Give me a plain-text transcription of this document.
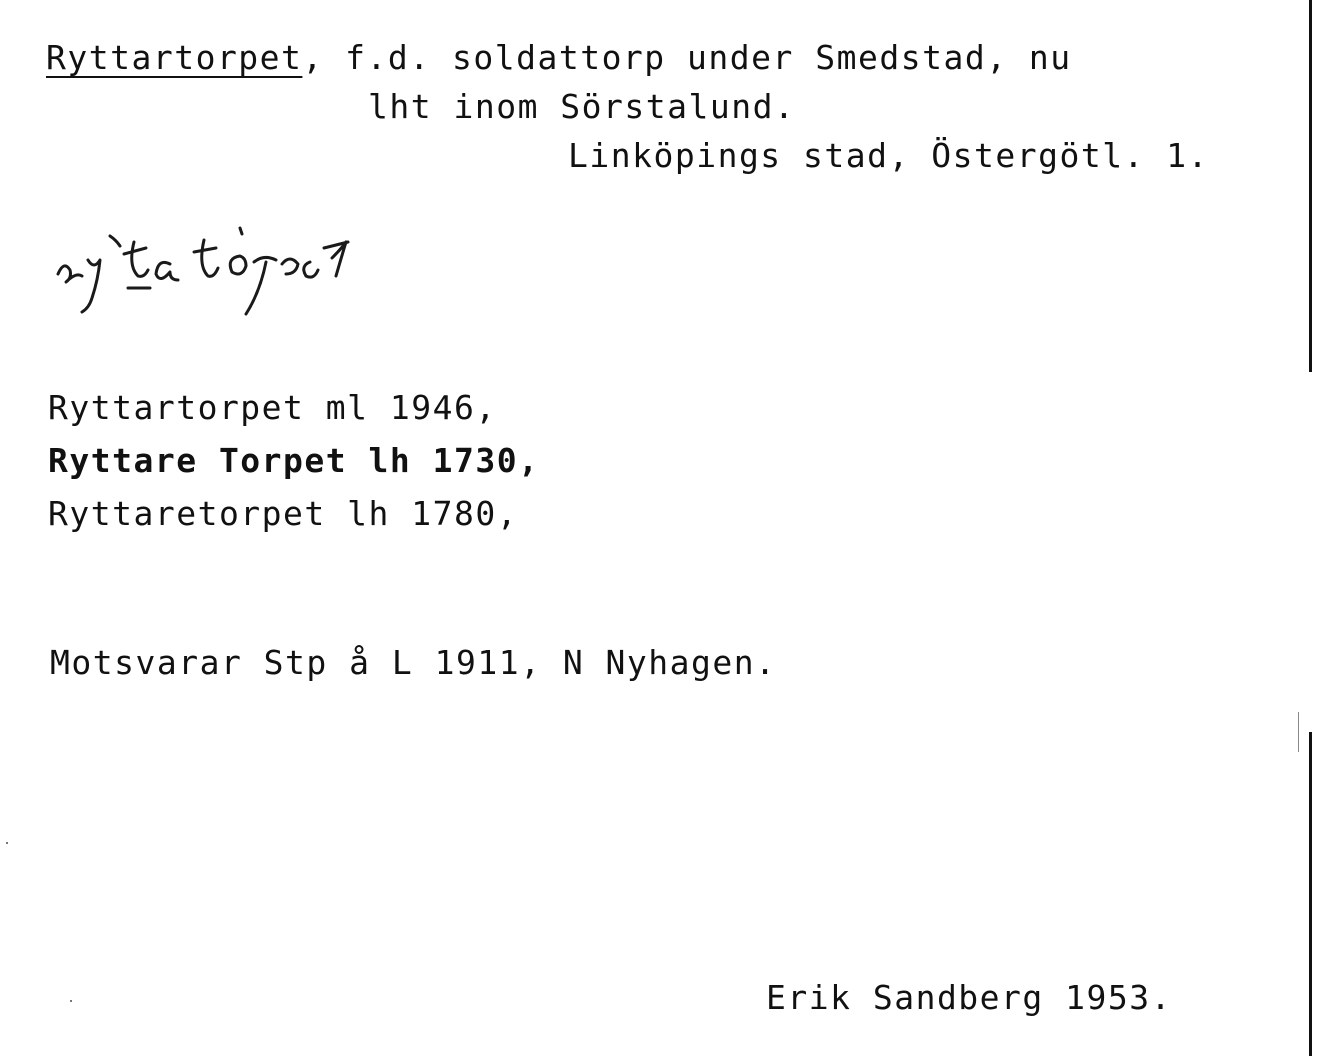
Ryttartorpet, f.d. soldattorp under Smedstad, nu
lht inom Sörstalund.
Linköpings stad, Östergötl. 1.
Ryttartorpet ml 1946,
Ryttare Torpet lh 1730,
Ryttaretorpet lh 1780,
Motsvarar Stp å L 1911, N Nyhagen.
Erik Sandberg 1953.
